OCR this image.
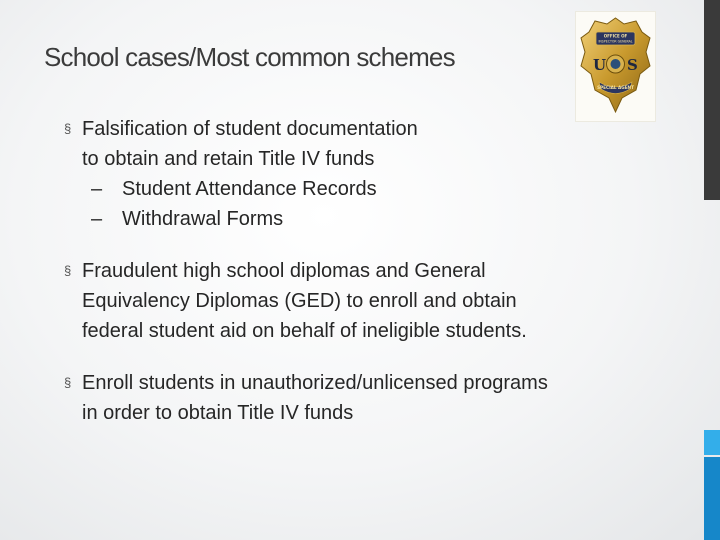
School cases/Most common schemes
OFFICE OF
INSPECTOR GENERAL
U S
SPECIAL AGENT
§ Falsification of student documentation
to obtain and retain Title IV funds
– Student Attendance Records
– Withdrawal Forms
§ Fraudulent high school diplomas and General
Equivalency Diplomas (GED) to enroll and obtain
federal student aid on behalf of ineligible students.
§ Enroll students in unauthorized/unlicensed programs
in order to obtain Title IV funds
